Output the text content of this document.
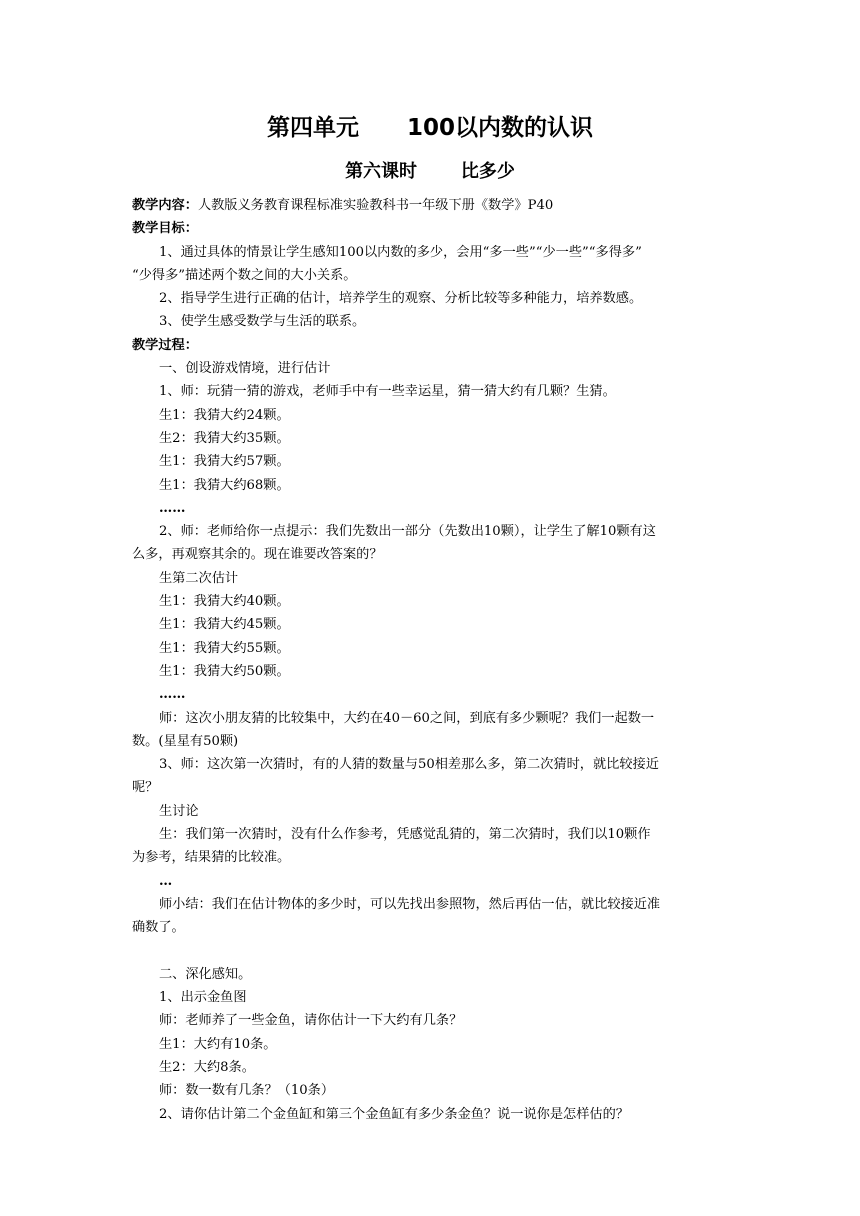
第四单元      100以内数的认识
第六课时       比多少
教学内容：人教版义务教育课程标准实验教科书一年级下册《数学》P40
教学目标：
1、通过具体的情景让学生感知100以内数的多少，会用“多一些”“少一些”“多得多”
“少得多”描述两个数之间的大小关系。
2、指导学生进行正确的估计，培养学生的观察、分析比较等多种能力，培养数感。
3、使学生感受数学与生活的联系。
教学过程：
一、创设游戏情境，进行估计
1、师：玩猜一猜的游戏，老师手中有一些幸运星，猜一猜大约有几颗？生猜。
生1：我猜大约24颗。
生2：我猜大约35颗。
生1：我猜大约57颗。
生1：我猜大约68颗。
……
2、师：老师给你一点提示：我们先数出一部分（先数出10颗），让学生了解10颗有这
么多，再观察其余的。现在谁要改答案的？
生第二次估计
生1：我猜大约40颗。
生1：我猜大约45颗。
生1：我猜大约55颗。
生1：我猜大约50颗。
……
师：这次小朋友猜的比较集中，大约在40－60之间，到底有多少颗呢？我们一起数一
数。(星星有50颗)
3、师：这次第一次猜时，有的人猜的数量与50相差那么多，第二次猜时，就比较接近
呢？
生讨论
生：我们第一次猜时，没有什么作参考，凭感觉乱猜的，第二次猜时，我们以10颗作
为参考，结果猜的比较准。
…
师小结：我们在估计物体的多少时，可以先找出参照物，然后再估一估，就比较接近准
确数了。
二、深化感知。
1、出示金鱼图
师：老师养了一些金鱼，请你估计一下大约有几条？
生1：大约有10条。
生2：大约8条。
师：数一数有几条？（10条）
2、请你估计第二个金鱼缸和第三个金鱼缸有多少条金鱼？说一说你是怎样估的？
